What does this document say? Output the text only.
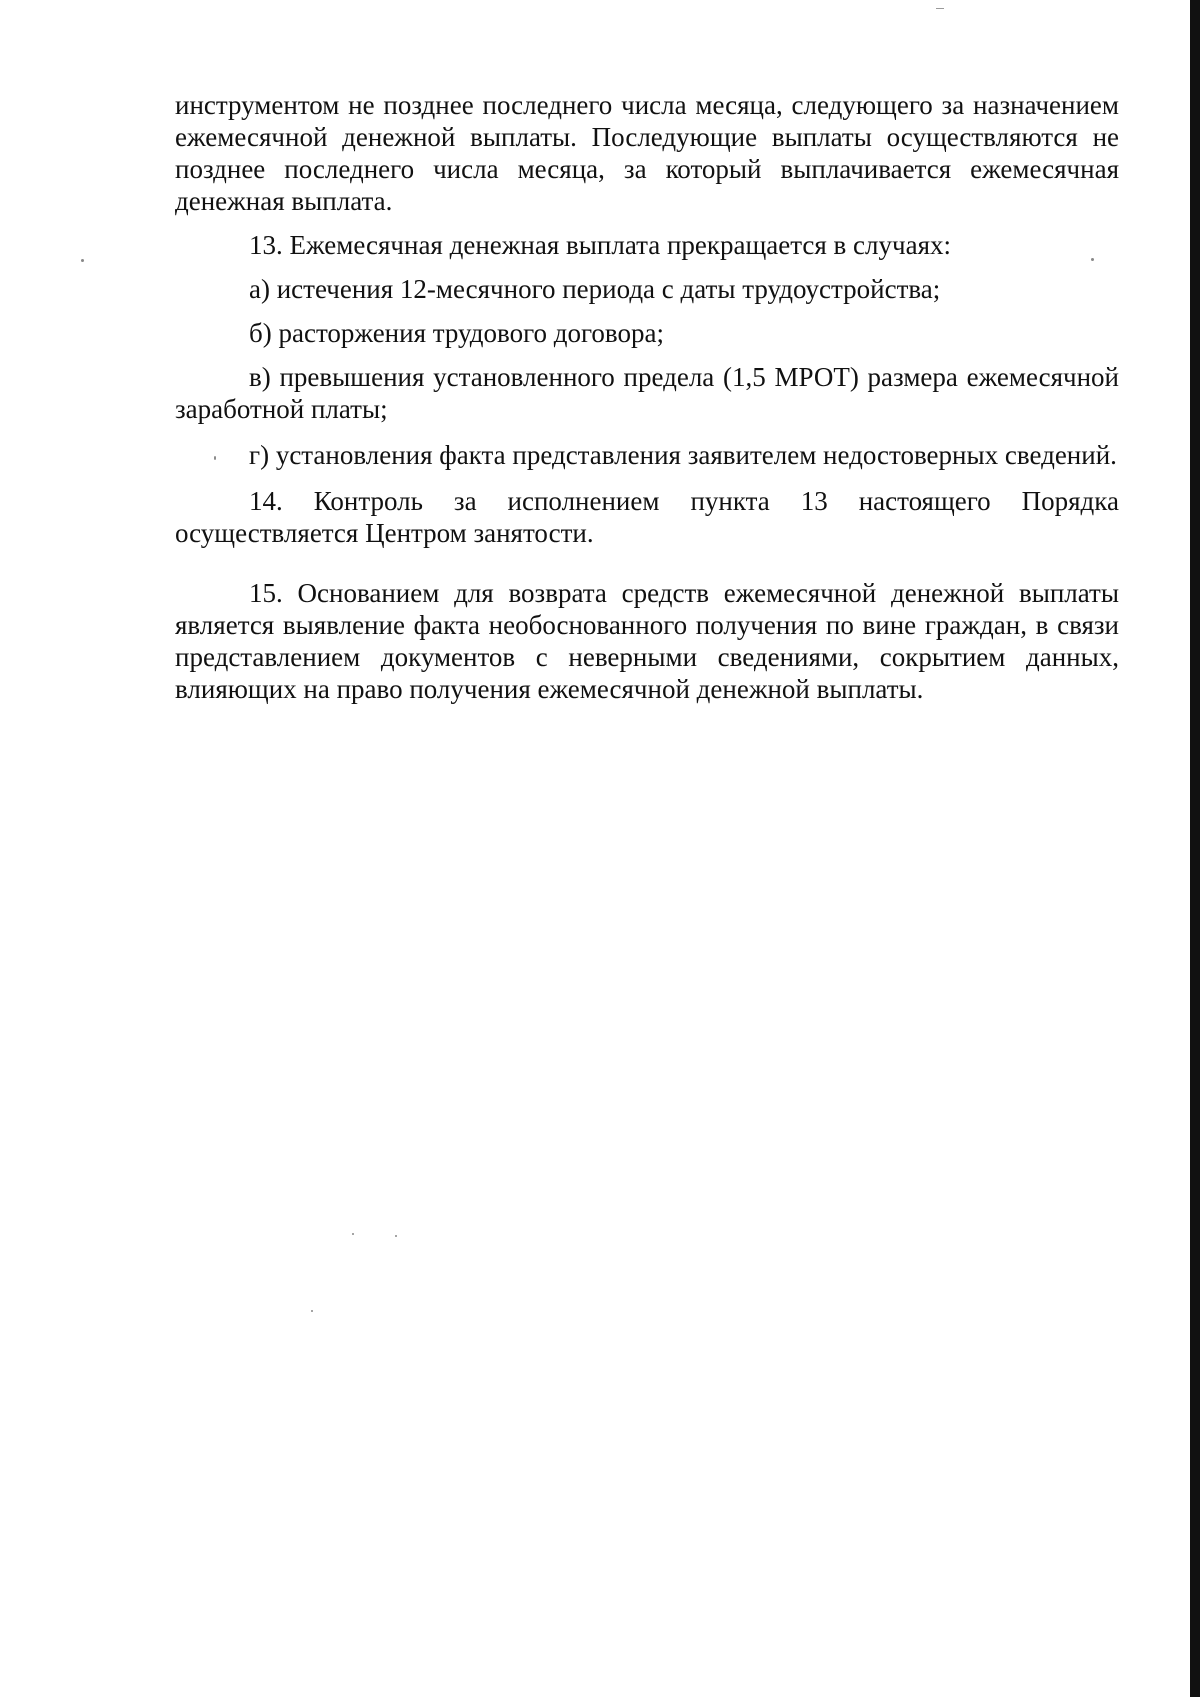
инструментом не позднее последнего числа месяца, следующего за назначением ежемесячной денежной выплаты. Последующие выплаты осуществляются не позднее последнего числа месяца, за который выплачивается ежемесячная денежная выплата.

13. Ежемесячная денежная выплата прекращается в случаях:

а) истечения 12-месячного периода с даты трудоустройства;

б) расторжения трудового договора;

в) превышения установленного предела (1,5 МРОТ) размера ежемесячной заработной платы;

г) установления факта представления заявителем недостоверных сведений.

14. Контроль за исполнением пункта 13 настоящего Порядка осуществляется Центром занятости.

15. Основанием для возврата средств ежемесячной денежной выплаты является выявление факта необоснованного получения по вине граждан, в связи представлением документов с неверными сведениями, сокрытием данных, влияющих на право получения ежемесячной денежной выплаты.
